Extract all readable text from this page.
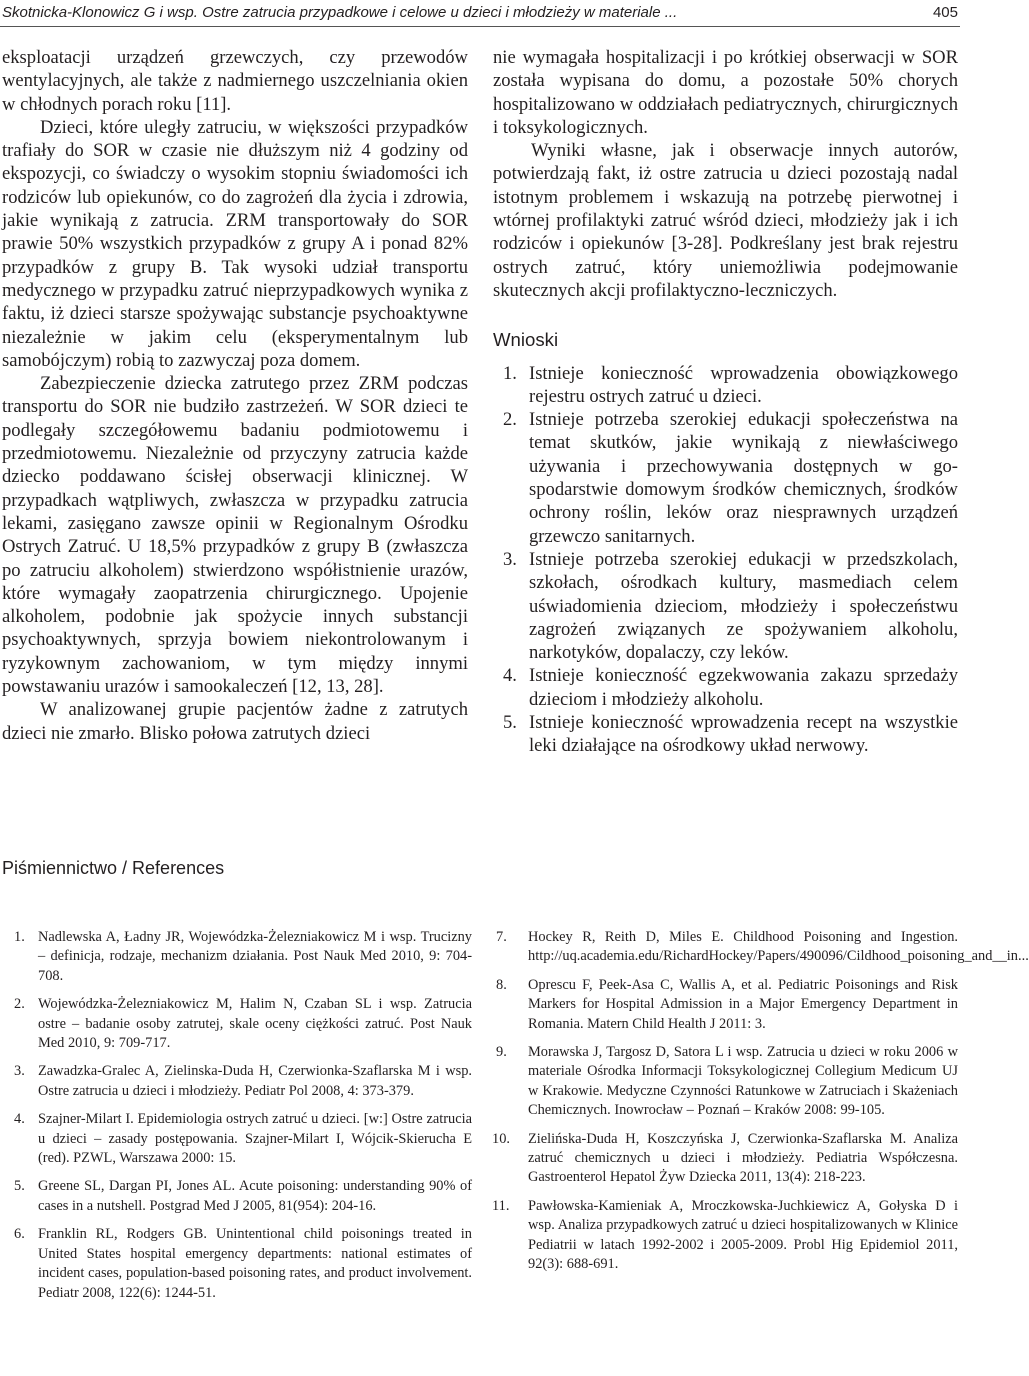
Skotnicka-Klonowicz G i wsp. Ostre zatrucia przypadkowe i celowe u dzieci i młodzieży w materiale ...	405

eksploatacji urządzeń grzewczych, czy przewodów wentylacyjnych, ale także z nadmiernego uszczelniania okien w chłodnych porach roku [11].

Dzieci, które uległy zatruciu, w większości przypadków trafiały do SOR w czasie nie dłuższym niż 4 godziny od ekspozycji, co świadczy o wysokim stopniu świadomości ich rodziców lub opiekunów, co do zagrożeń dla życia i zdrowia, jakie wynikają z zatrucia. ZRM transportowały do SOR prawie 50% wszystkich przypadków z grupy A i ponad 82% przypadków z grupy B. Tak wysoki udział transportu medycznego w przypadku zatruć nieprzypadkowych wynika z faktu, iż dzieci starsze spożywając substancje psychoaktywne niezależnie w jakim celu (eksperymentalnym lub samobójczym) robią to zazwyczaj poza domem.

Zabezpieczenie dziecka zatrutego przez ZRM podczas transportu do SOR nie budziło zastrzeżeń. W SOR dzieci te podlegały szczegółowemu badaniu podmiotowemu i przedmiotowemu. Niezależnie od przyczyny zatrucia każde dziecko poddawano ścisłej obserwacji klinicznej. W przypadkach wątpliwych, zwłaszcza w przypadku zatrucia lekami, zasięgano zawsze opinii w Regionalnym Ośrodku Ostrych Zatruć. U 18,5% przypadków z grupy B (zwłaszcza po zatruciu alkoholem) stwierdzono współistnienie urazów, które wymagały zaopatrzenia chirurgicznego. Upojenie alkoholem, podobnie jak spożycie innych substancji psychoaktywnych, sprzyja bowiem niekontrolowanym i ryzykownym zachowaniom, w tym między innymi powstawaniu urazów i samookaleczeń [12, 13, 28].

W analizowanej grupie pacjentów żadne z zatrutych dzieci nie zmarło. Blisko połowa zatrutych dzieci

nie wymagała hospitalizacji i po krótkiej obserwacji w SOR została wypisana do domu, a pozostałe 50% chorych hospitalizowano w oddziałach pediatrycznych, chirurgicznych i toksykologicznych.

Wyniki własne, jak i obserwacje innych autorów, potwierdzają fakt, iż ostre zatrucia u dzieci pozostają nadal istotnym problemem i wskazują na potrzebę pierwotnej i wtórnej profilaktyki zatruć wśród dzieci, młodzieży jak i ich rodziców i opiekunów [3-28]. Podkreślany jest brak rejestru ostrych zatruć, który uniemożliwia podejmowanie skutecznych akcji profilaktyczno-leczniczych.

Wnioski
1. Istnieje konieczność wprowadzenia obowiązkowego rejestru ostrych zatruć u dzieci.
2. Istnieje potrzeba szerokiej edukacji społeczeństwa na temat skutków, jakie wynikają z niewłaściwego używania i przechowywania dostępnych w gospodarstwie domowym środków chemicznych, środków ochrony roślin, leków oraz niesprawnych urządzeń grzewczo sanitarnych.
3. Istnieje potrzeba szerokiej edukacji w przedszkolach, szkołach, ośrodkach kultury, masmediach celem uświadomienia dzieciom, młodzieży i społeczeństwu zagrożeń związanych ze spożywaniem alkoholu, narkotyków, dopalaczy, czy leków.
4. Istnieje konieczność egzekwowania zakazu sprzedaży dzieciom i młodzieży alkoholu.
5. Istnieje konieczność wprowadzenia recept na wszystkie leki działające na ośrodkowy układ nerwowy.
Piśmiennictwo / References
1. Nadlewska A, Ładny JR, Wojewódzka-Żelezniakowicz M i wsp. Trucizny – definicja, rodzaje, mechanizm działania. Post Nauk Med 2010, 9: 704-708.
2. Wojewódzka-Żelezniakowicz M, Halim N, Czaban SL i wsp. Zatrucia ostre – badanie osoby zatrutej, skale oceny ciężkości zatruć. Post Nauk Med 2010, 9: 709-717.
3. Zawadzka-Gralec A, Zielinska-Duda H, Czerwionka-Szaflarska M i wsp. Ostre zatrucia u dzieci i młodzieży. Pediatr Pol 2008, 4: 373-379.
4. Szajner-Milart I. Epidemiologia ostrych zatruć u dzieci. [w:] Ostre zatrucia u dzieci – zasady postępowania. Szajner-Milart I, Wójcik-Skierucha E (red). PZWL, Warszawa 2000: 15.
5. Greene SL, Dargan PI, Jones AL. Acute poisoning: understanding 90% of cases in a nutshell. Postgrad Med J 2005, 81(954): 204-16.
6. Franklin RL, Rodgers GB. Unintentional child poisonings treated in United States hospital emergency departments: national estimates of incident cases, population-based poisoning rates, and product involvement. Pediatr 2008, 122(6): 1244-51.
7. Hockey R, Reith D, Miles E. Childhood Poisoning and Ingestion. http://uq.academia.edu/RichardHockey/Papers/490096/Cildhood_poisoning_and__in...
8. Oprescu F, Peek-Asa C, Wallis A, et al. Pediatric Poisonings and Risk Markers for Hospital Admission in a Major Emergency Department in Romania. Matern Child Health J 2011: 3.
9. Morawska J, Targosz D, Satora L i wsp. Zatrucia u dzieci w roku 2006 w materiale Ośrodka Informacji Toksykologicznej Collegium Medicum UJ w Krakowie. Medyczne Czynności Ratunkowe w Zatruciach i Skażeniach Chemicznych. Inowrocław – Poznań – Kraków 2008: 99-105.
10. Zielińska-Duda H, Koszczyńska J, Czerwionka-Szaflarska M. Analiza zatruć chemicznych u dzieci i młodzieży. Pediatria Współczesna. Gastroenterol Hepatol Żyw Dziecka 2011, 13(4): 218-223.
11. Pawłowska-Kamieniak A, Mroczkowska-Juchkiewicz A, Gołyska D i wsp. Analiza przypadkowych zatruć u dzieci hospitalizowanych w Klinice Pediatrii w latach 1992-2002 i 2005-2009. Probl Hig Epidemiol 2011, 92(3): 688-691.
